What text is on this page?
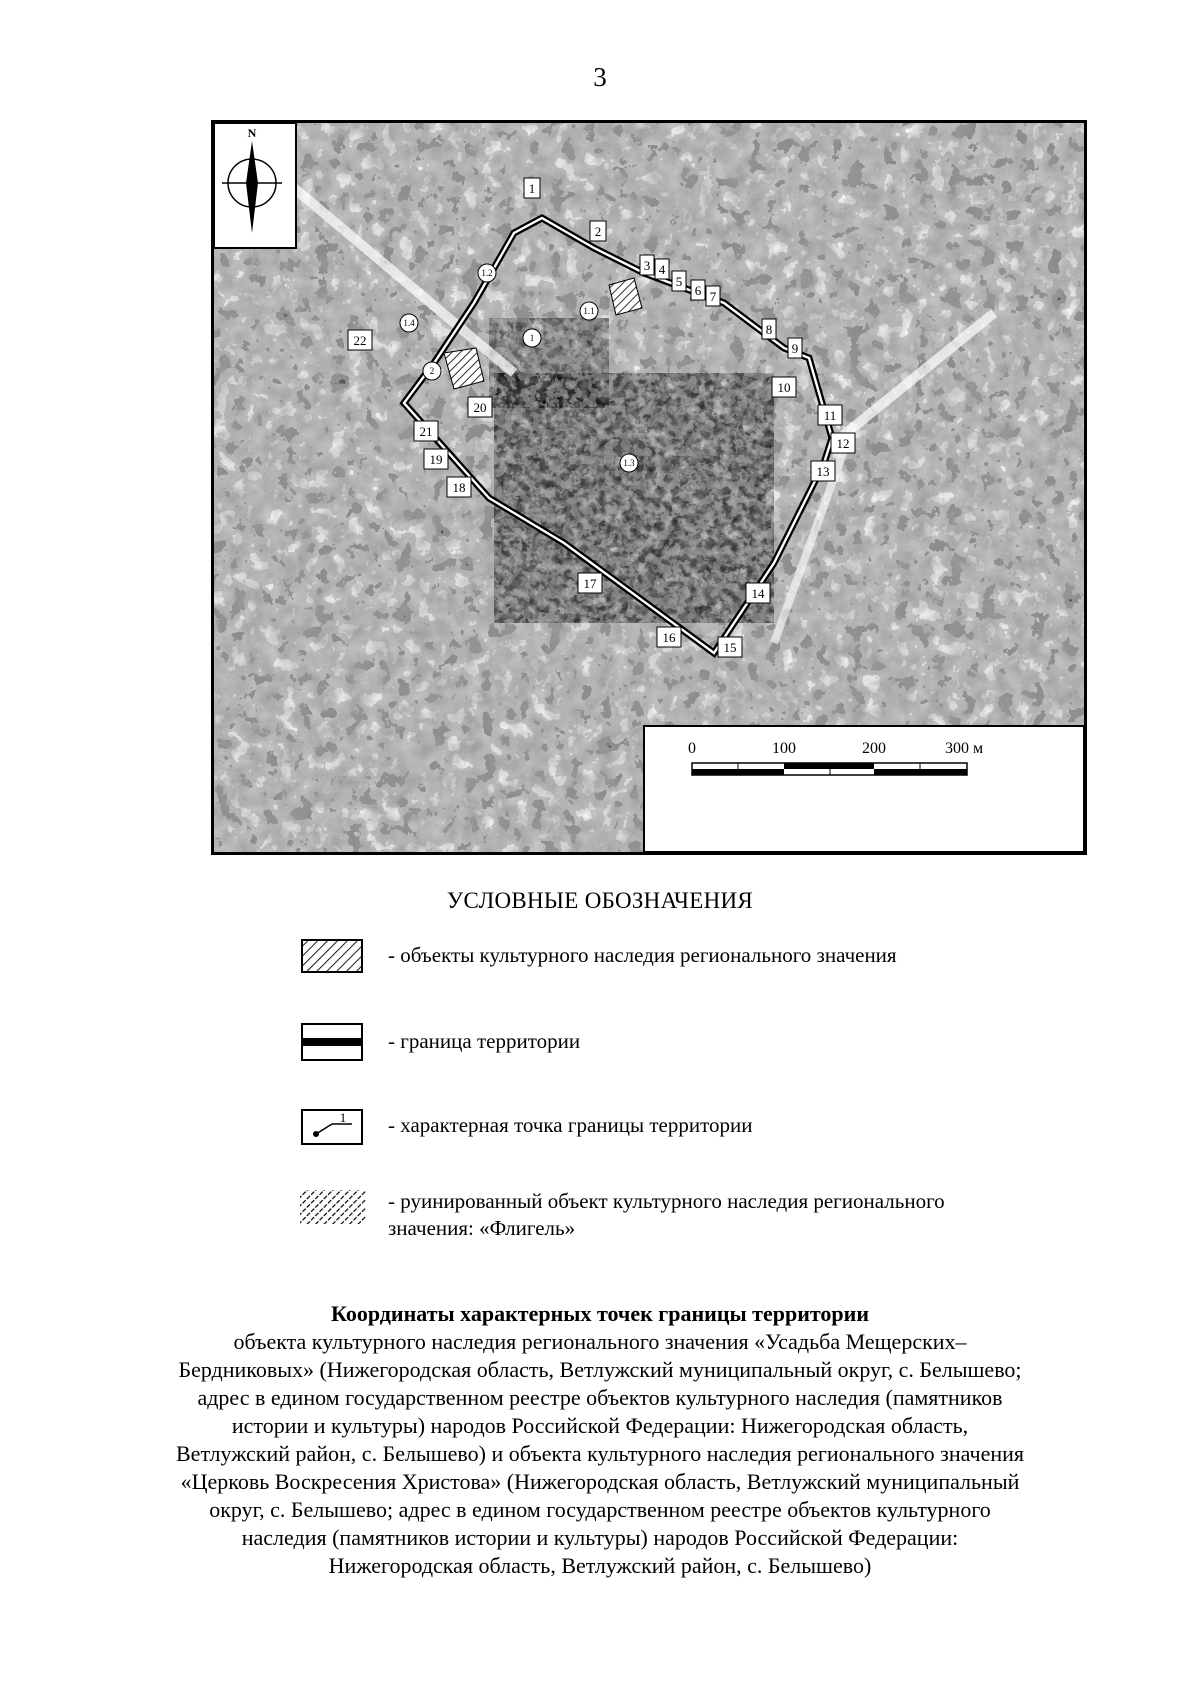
3
1.2
1.1
1
1.4
1.3
2
N
1
2
3 4
5
6 7
8
9
10
11
12
13
14
15
16
17
18
19
20
21
22
0	100	200	300 м
УСЛОВНЫЕ ОБОЗНАЧЕНИЯ
- объекты культурного наследия регионального значения
- граница территории
1 - характерная точка границы территории
- руинированный объект культурного наследия регионального
значения: «Флигель»
Координаты характерных точек границы территории
объекта культурного наследия регионального значения «Усадьба Мещерских–
Бердниковых» (Нижегородская область, Ветлужский муниципальный округ, с. Белышево;
адрес в едином государственном реестре объектов культурного наследия (памятников
истории и культуры) народов Российской Федерации: Нижегородская область,
Ветлужский район, с. Белышево) и объекта культурного наследия регионального значения
«Церковь Воскресения Христова» (Нижегородская область, Ветлужский муниципальный
округ, с. Белышево; адрес в едином государственном реестре объектов культурного
наследия (памятников истории и культуры) народов Российской Федерации:
Нижегородская область, Ветлужский район, с. Белышево)
